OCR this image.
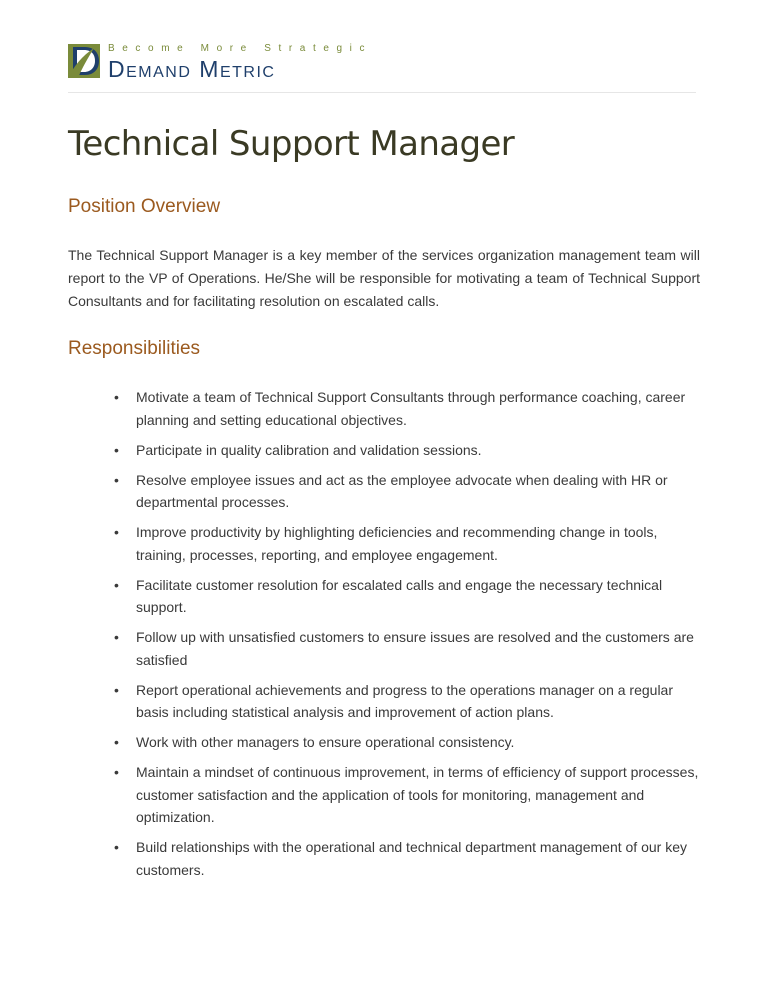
Become More Strategic
Demand Metric
Technical Support Manager
Position Overview

The Technical Support Manager is a key member of the services organization management team will report to the VP of Operations. He/She will be responsible for motivating a team of Technical Support Consultants and for facilitating resolution on escalated calls.

Responsibilities
• Motivate a team of Technical Support Consultants through performance coaching, career planning and setting educational objectives.
• Participate in quality calibration and validation sessions.
• Resolve employee issues and act as the employee advocate when dealing with HR or departmental processes.
• Improve productivity by highlighting deficiencies and recommending change in tools, training, processes, reporting, and employee engagement.
• Facilitate customer resolution for escalated calls and engage the necessary technical support.
• Follow up with unsatisfied customers to ensure issues are resolved and the customers are satisfied
• Report operational achievements and progress to the operations manager on a regular basis including statistical analysis and improvement of action plans.
• Work with other managers to ensure operational consistency.
• Maintain a mindset of continuous improvement, in terms of efficiency of support processes, customer satisfaction and the application of tools for monitoring, management and optimization.
• Build relationships with the operational and technical department management of our key customers.
